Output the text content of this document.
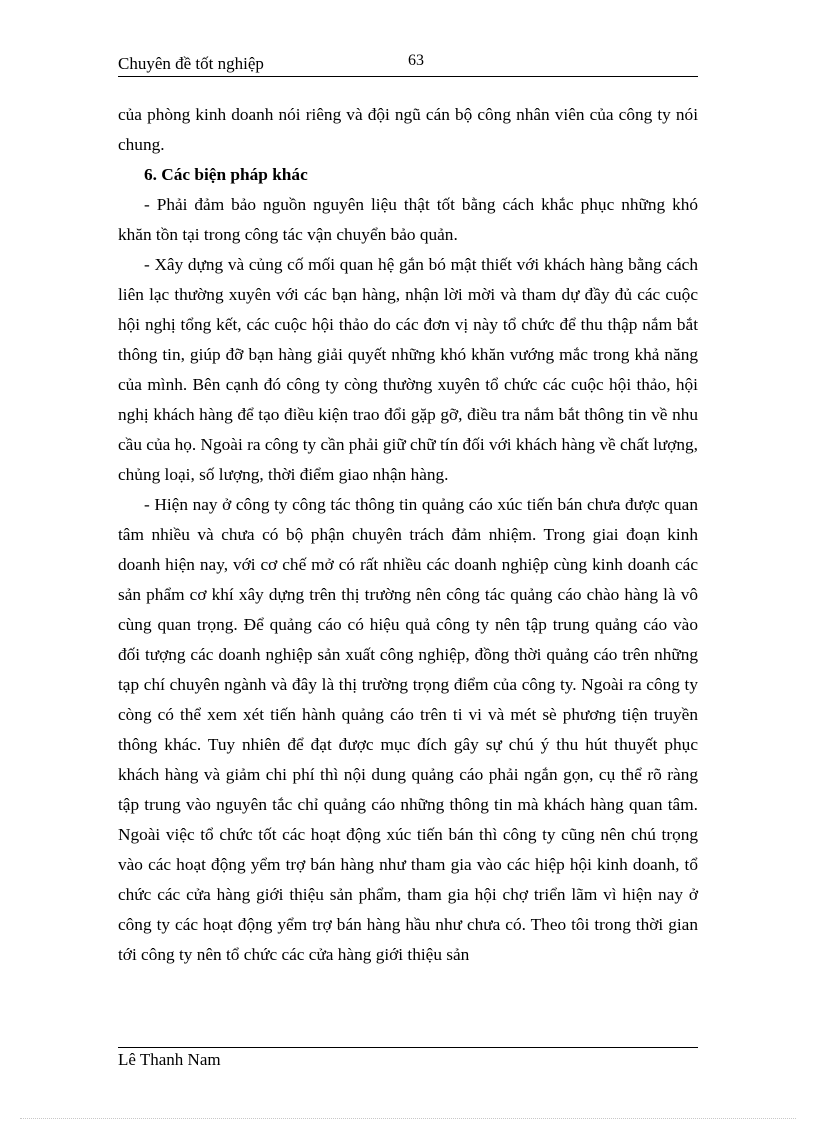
Chuyên đề tốt nghiệp	63

của phòng kinh doanh nói riêng và đội ngũ cán bộ công nhân viên của công ty nói chung.

6. Các biện pháp khác

- Phải đảm bảo nguồn nguyên liệu thật tốt bằng cách khắc phục những khó khăn tồn tại trong công tác vận chuyển bảo quản.

- Xây dựng và củng cố mối quan hệ gắn bó mật thiết với khách hàng bằng cách liên lạc thường xuyên với các bạn hàng, nhận lời mời và tham dự đầy đủ các cuộc hội nghị tổng kết, các cuộc hội thảo do các đơn vị này tổ chức để thu thập nắm bắt thông tin, giúp đỡ bạn hàng giải quyết những khó khăn vướng mắc trong khả năng của mình. Bên cạnh đó công ty còng thường xuyên tổ chức các cuộc hội thảo, hội nghị khách hàng để tạo điều kiện trao đổi gặp gỡ, điều tra nắm bắt thông tin về nhu cầu của họ. Ngoài ra công ty cần phải giữ chữ tín đối với khách hàng về chất lượng, chủng loại, số lượng, thời điểm giao nhận hàng.

- Hiện nay ở công ty công tác thông tin quảng cáo xúc tiến bán chưa được quan tâm nhiều và chưa có bộ phận chuyên trách đảm nhiệm. Trong giai đoạn kinh doanh hiện nay, với cơ chế mở có rất nhiều các doanh nghiệp cùng kinh doanh các sản phẩm cơ khí xây dựng trên thị trường nên công tác quảng cáo chào hàng là vô cùng quan trọng. Để quảng cáo có hiệu quả công ty nên tập trung quảng cáo vào đối tượng các doanh nghiệp sản xuất công nghiệp, đồng thời quảng cáo trên những tạp chí chuyên ngành và đây là thị trường trọng điểm của công ty. Ngoài ra công ty còng có thể xem xét tiến hành quảng cáo trên ti vi và mét sè phương tiện truyền thông khác. Tuy nhiên để đạt được mục đích gây sự chú ý thu hút thuyết phục khách hàng và giảm chi phí thì nội dung quảng cáo phải ngắn gọn, cụ thể rõ ràng tập trung vào nguyên tắc chỉ quảng cáo những thông tin mà khách hàng quan tâm. Ngoài việc tổ chức tốt các hoạt động xúc tiến bán thì công ty cũng nên chú trọng vào các hoạt động yểm trợ bán hàng như tham gia vào các hiệp hội kinh doanh, tổ chức các cửa hàng giới thiệu sản phẩm, tham gia hội chợ triển lãm vì hiện nay ở công ty các hoạt động yểm trợ bán hàng hầu như chưa có. Theo tôi trong thời gian tới công ty nên tổ chức các cửa hàng giới thiệu sản

Lê Thanh Nam
